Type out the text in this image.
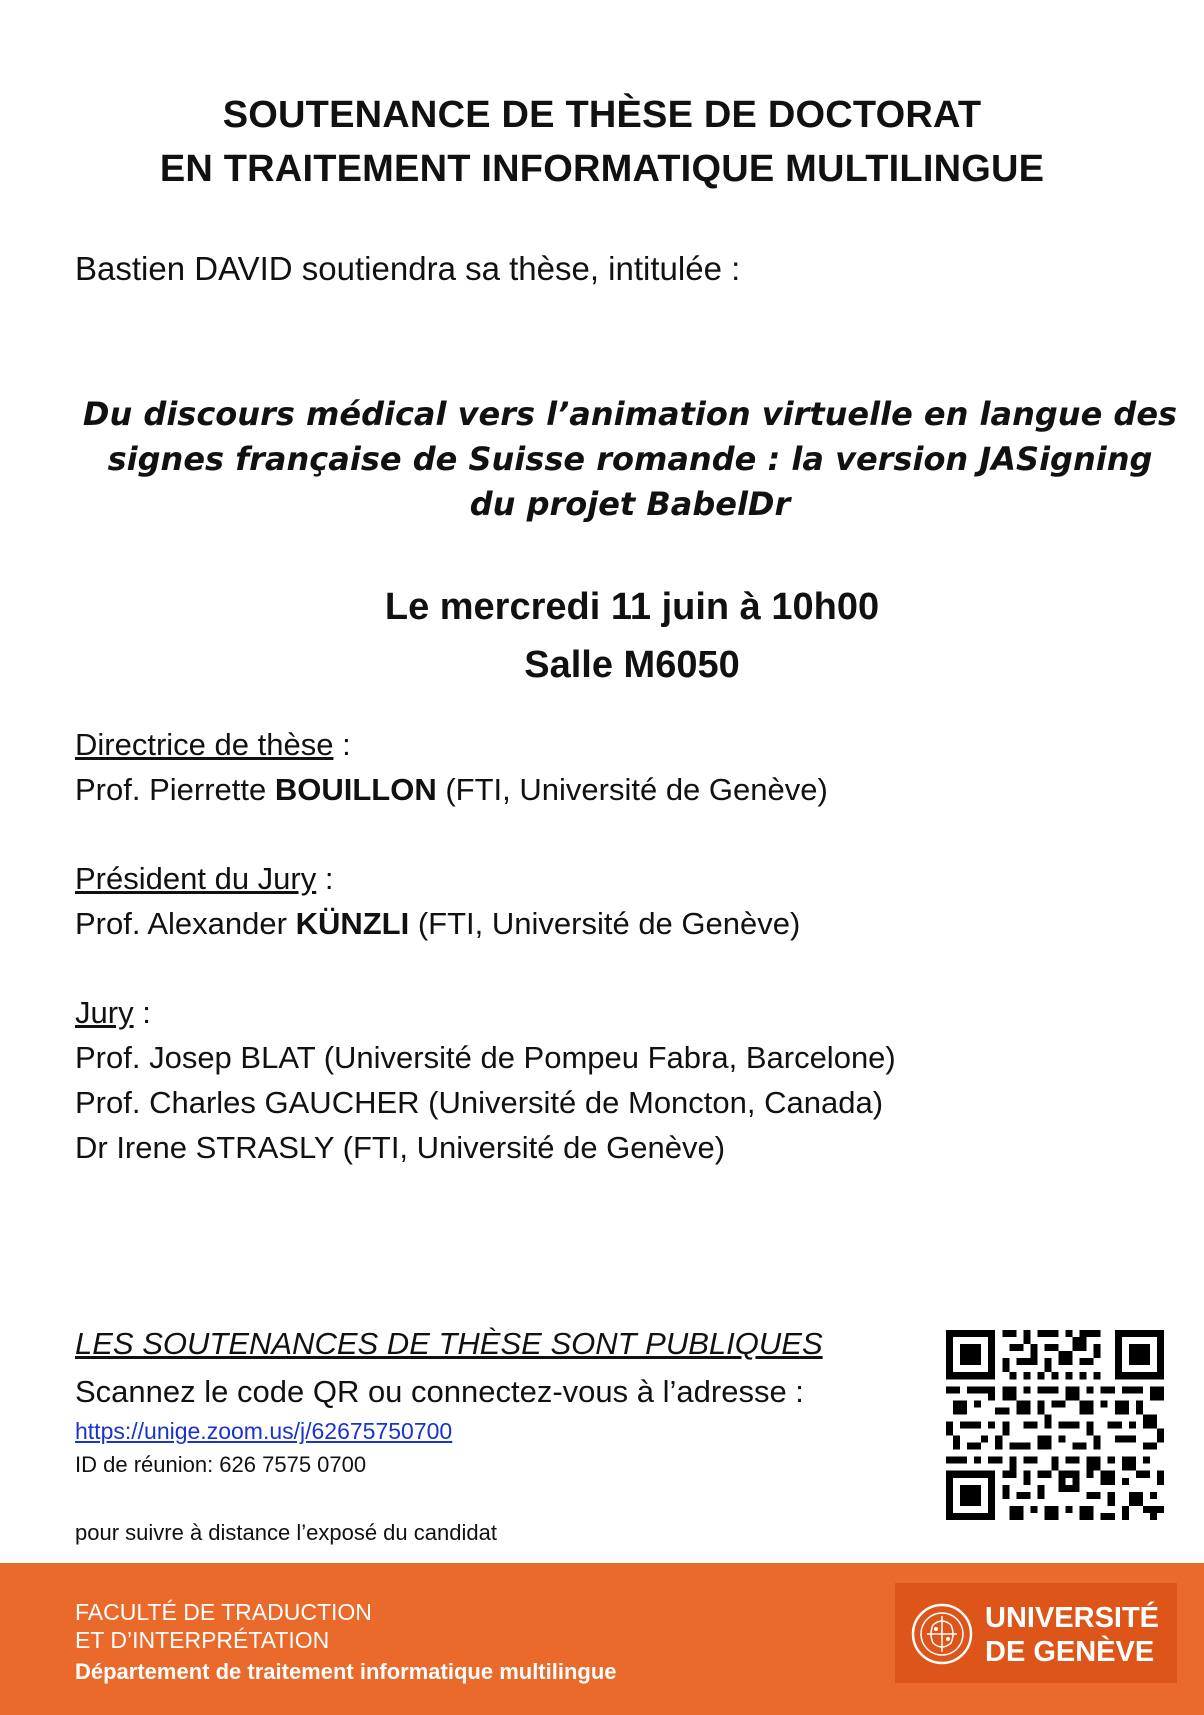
SOUTENANCE DE THÈSE DE DOCTORAT
EN TRAITEMENT INFORMATIQUE MULTILINGUE
Bastien DAVID soutiendra sa thèse, intitulée :
Du discours médical vers l’animation virtuelle en langue des
signes française de Suisse romande : la version JASigning
du projet BabelDr
Le mercredi 11 juin à 10h00
Salle M6050
Directrice de thèse :
Prof. Pierrette BOUILLON (FTI, Université de Genève)
Président du Jury :
Prof. Alexander KÜNZLI (FTI, Université de Genève)
Jury :
Prof. Josep BLAT (Université de Pompeu Fabra, Barcelone)
Prof. Charles GAUCHER (Université de Moncton, Canada)
Dr Irene STRASLY (FTI, Université de Genève)
LES SOUTENANCES DE THÈSE SONT PUBLIQUES
Scannez le code QR ou connectez-vous à l’adresse :
https://unige.zoom.us/j/62675750700
ID de réunion: 626 7575 0700
pour suivre à distance l’exposé du candidat
FACULTÉ DE TRADUCTION
ET D’INTERPRÉTATION
Département de traitement informatique multilingue
UNIVERSITÉ
DE GENÈVE
